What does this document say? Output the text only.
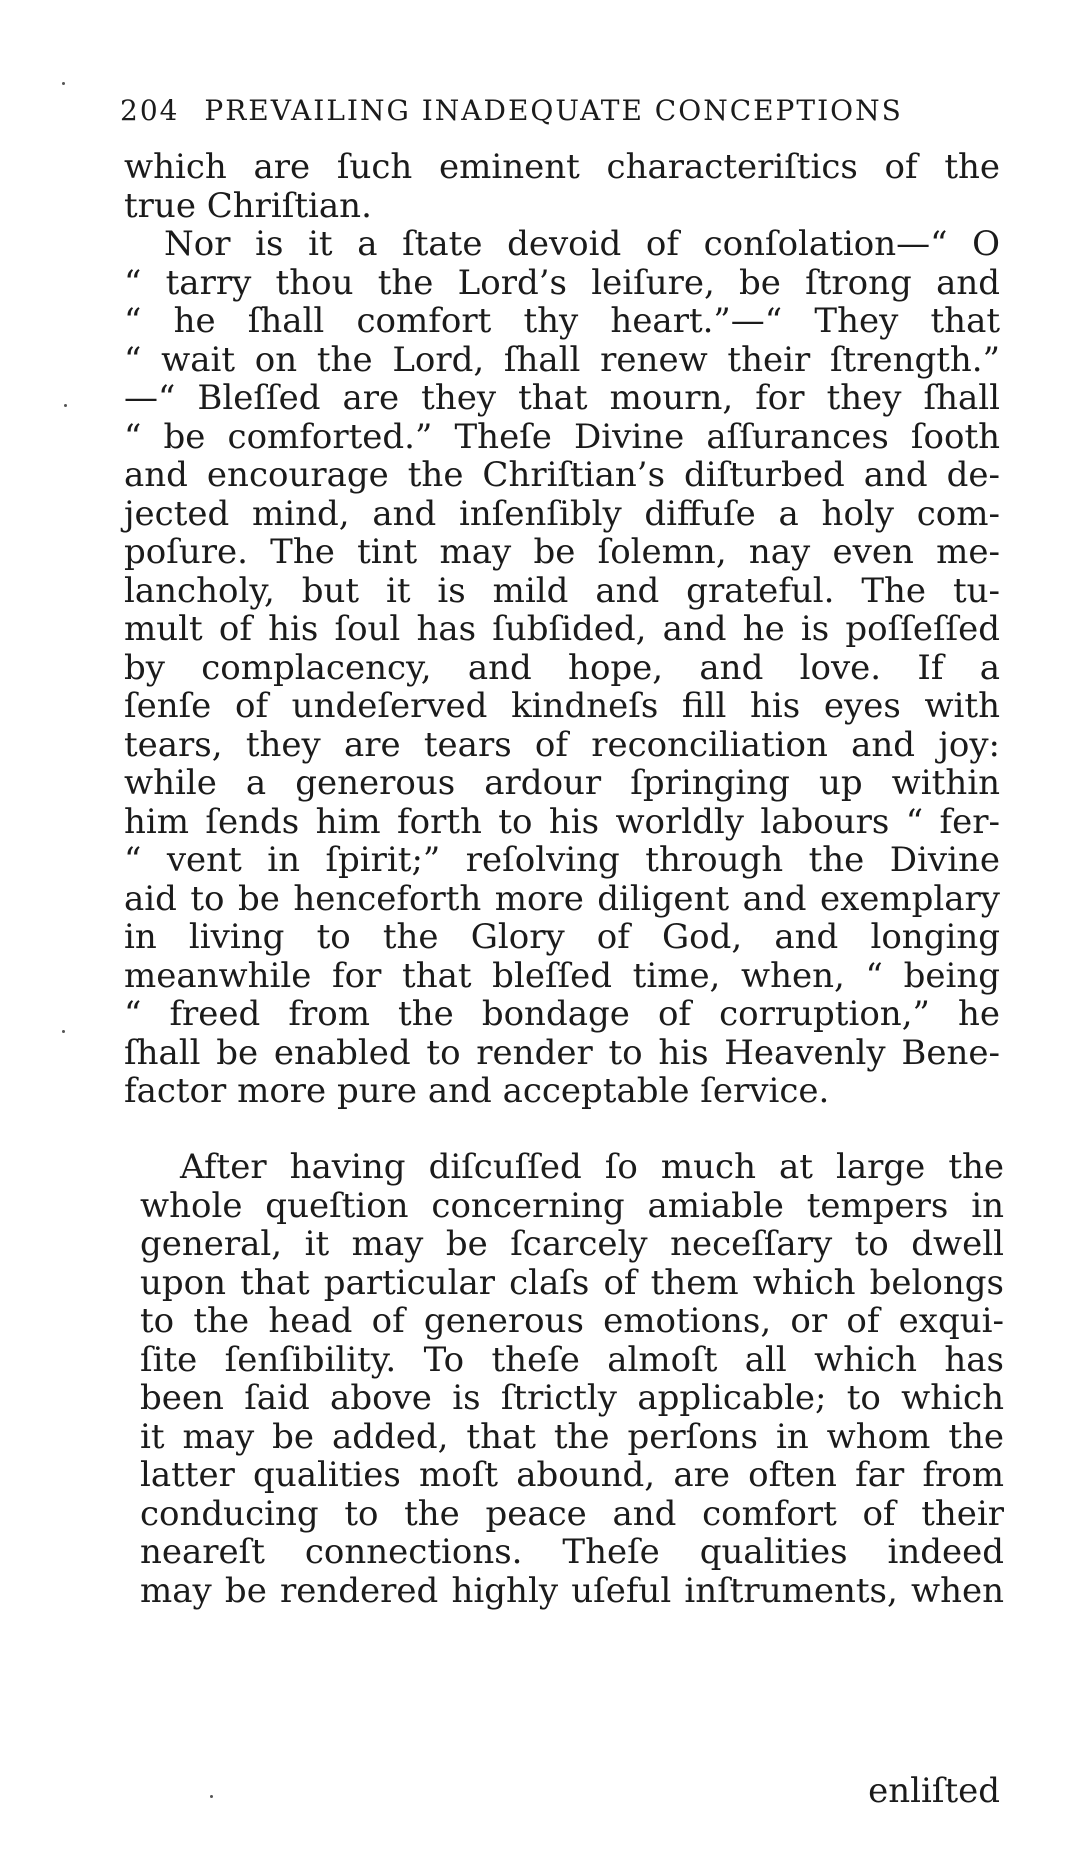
204 PREVAILING INADEQUATE CONCEPTIONS
which are ſuch eminent characteriſtics of the
true Chriſtian.
Nor is it a ſtate devoid of conſolation—“ O
“ tarry thou the Lord’s leiſure, be ſtrong and
“ he ſhall comfort thy heart.”—“ They that
“ wait on the Lord, ſhall renew their ſtrength.”
—“ Bleſſed are they that mourn, for they ſhall
“ be comforted.” Theſe Divine aſſurances ſooth
and encourage the Chriſtian’s diſturbed and de-
jected mind, and inſenſibly diffuſe a holy com-
poſure. The tint may be ſolemn, nay even me-
lancholy, but it is mild and grateful. The tu-
mult of his ſoul has ſubſided, and he is poſſeſſed
by complacency, and hope, and love. If a
ſenſe of undeſerved kindneſs fill his eyes with
tears, they are tears of reconciliation and joy:
while a generous ardour ſpringing up within
him ſends him forth to his worldly labours “ fer-
“ vent in ſpirit;” reſolving through the Divine
aid to be henceforth more diligent and exemplary
in living to the Glory of God, and longing
meanwhile for that bleſſed time, when, “ being
“ freed from the bondage of corruption,” he
ſhall be enabled to render to his Heavenly Bene-
factor more pure and acceptable ſervice.
After having diſcuſſed ſo much at large the
whole queſtion concerning amiable tempers in
general, it may be ſcarcely neceſſary to dwell
upon that particular claſs of them which belongs
to the head of generous emotions, or of exqui-
ſite ſenſibility. To theſe almoſt all which has
been ſaid above is ſtrictly applicable; to which
it may be added, that the perſons in whom the
latter qualities moſt abound, are often far from
conducing to the peace and comfort of their
neareſt connections. Theſe qualities indeed
may be rendered highly uſeful inſtruments, when
enliſted
